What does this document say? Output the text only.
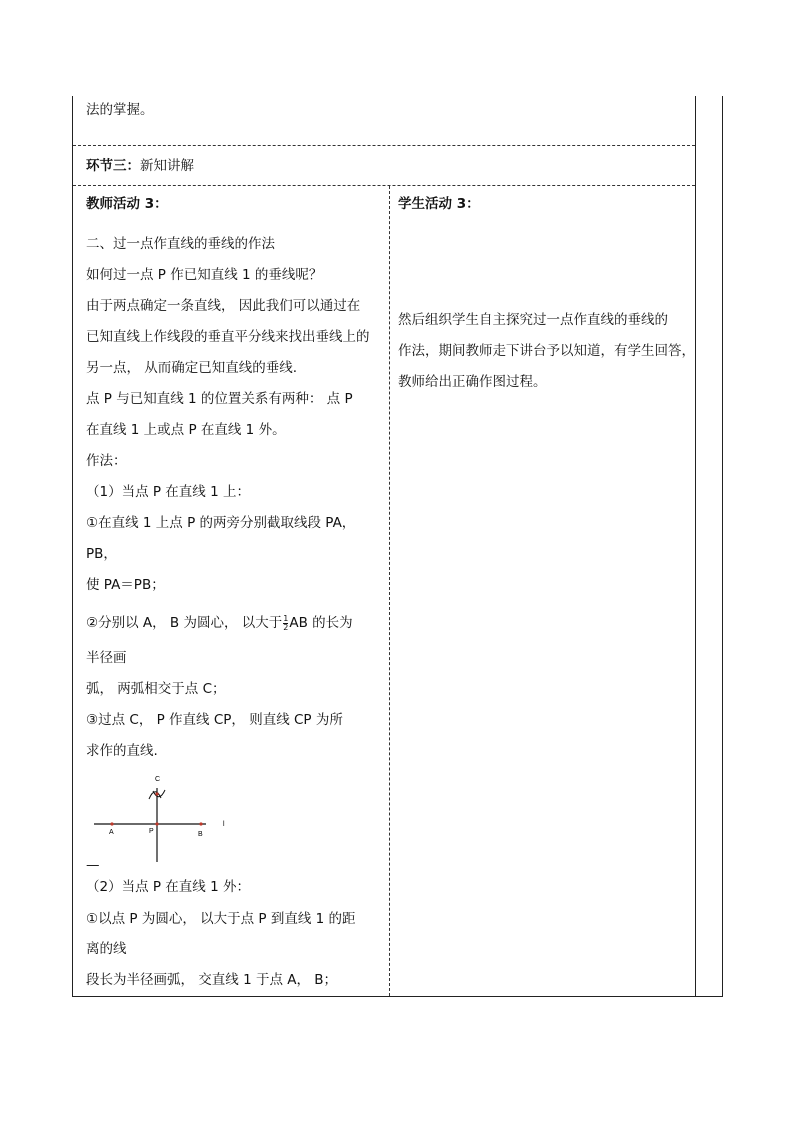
法的掌握。
环节三：新知讲解
教师活动 3：	学生活动 3：
二、过一点作直线的垂线的作法
如何过一点 P 作已知直线 1 的垂线呢？
由于两点确定一条直线， 因此我们可以通过在
已知直线上作线段的垂直平分线来找出垂线上的
另一点， 从而确定已知直线的垂线.
点 P 与已知直线 1 的位置关系有两种： 点 P
在直线 1 上或点 P 在直线 1 外。
作法：
（1）当点 P 在直线 1 上：
①在直线 1 上点 P 的两旁分别截取线段 PA，
PB，
使 PA＝PB；
②分别以 A， B 为圆心， 以大于 $\frac{1}{2}$ AB 的长为
半径画
弧， 两弧相交于点 C；
③过点 C， P 作直线 CP， 则直线 CP 为所
求作的直线.
C
A	P	B
l
—
（2）当点 P 在直线 1 外：
①以点 P 为圆心， 以大于点 P 到直线 1 的距
离的线
段长为半径画弧， 交直线 1 于点 A， B；
然后组织学生自主探究过一点作直线的垂线的
作法，期间教师走下讲台予以知道，有学生回答，
教师给出正确作图过程。
